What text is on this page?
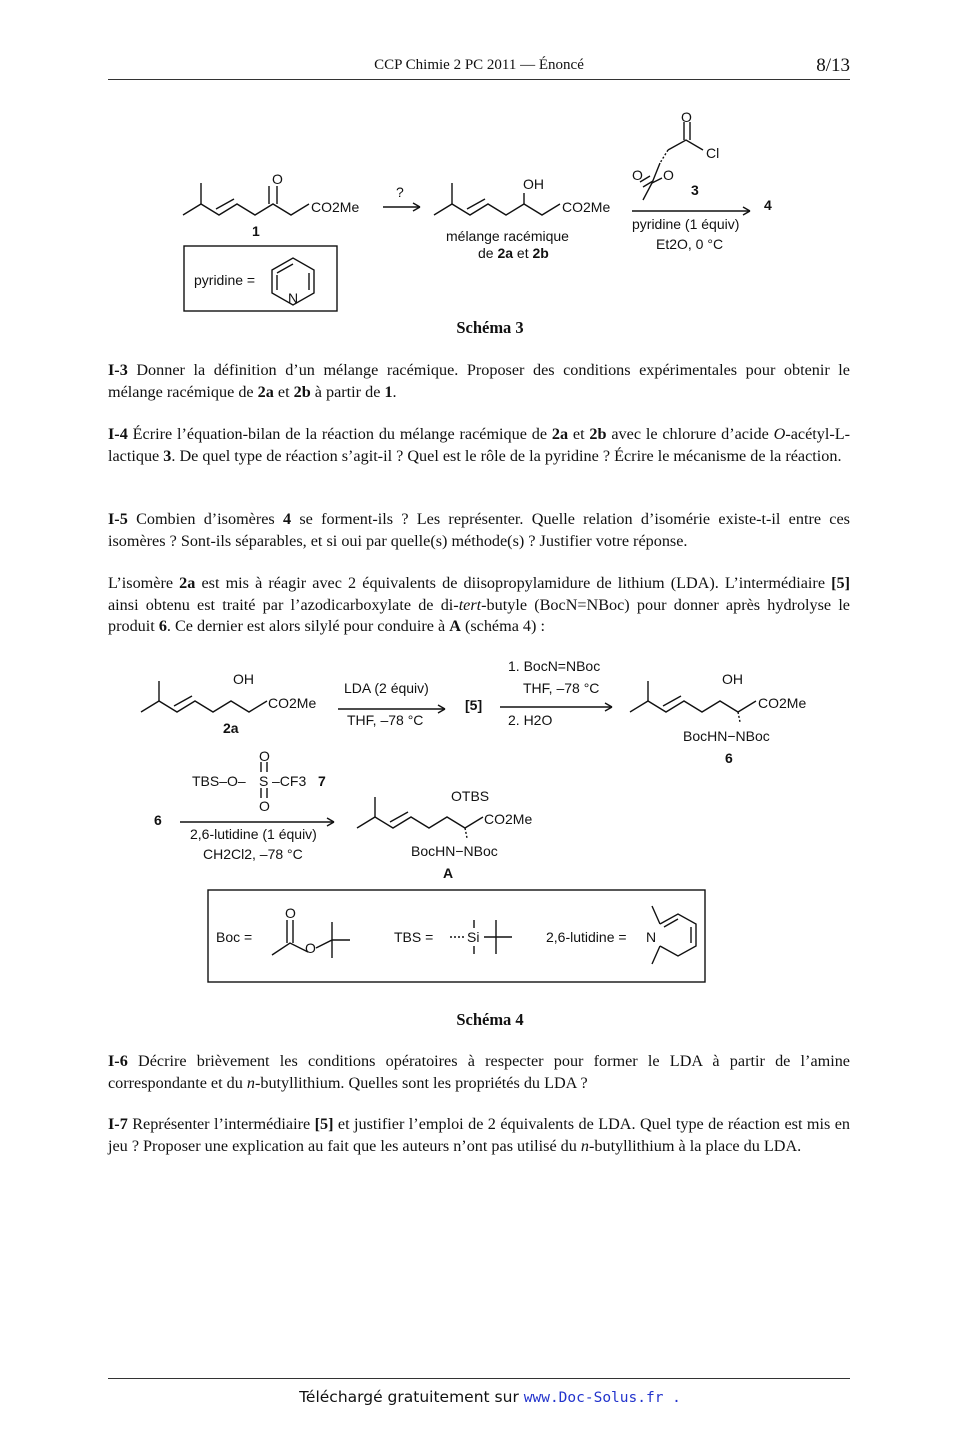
CCP Chimie 2 PC 2011 — Énoncé	8/13
O
CO2Me
1
?	OH
CO2Me
mélange racémique
de 2a et 2b
O
Cl
O O
3
pyridine (1 équiv)
Et2O, 0 °C
4
pyridine =
N
Schéma 3

I-3 Donner la définition d’un mélange racémique. Proposer des conditions expérimentales pour obtenir le mélange racémique de 2a et 2b à partir de 1.

I-4 Écrire l’équation-bilan de la réaction du mélange racémique de 2a et 2b avec le chlorure d’acide O-acétyl-L-lactique 3. De quel type de réaction s’agit-il ? Quel est le rôle de la pyridine ? Écrire le mécanisme de la réaction.

I-5 Combien d’isomères 4 se forment-ils ? Les représenter. Quelle relation d’isomérie existe-t-il entre ces isomères ? Sont-ils séparables, et si oui par quelle(s) méthode(s) ? Justifier votre réponse.

L’isomère 2a est mis à réagir avec 2 équivalents de diisopropylamidure de lithium (LDA). L’intermédiaire [5] ainsi obtenu est traité par l’azodicarboxylate de di-tert-butyle (BocN=NBoc) pour donner après hydrolyse le produit 6. Ce dernier est alors silylé pour conduire à A (schéma 4) :

OH
CO2Me
2a
LDA (2 équiv)
THF, –78 °C
[5]
1. BocN=NBoc
THF, –78 °C
2. H2O
OH
CO2Me
BocHN−NBoc
6
O
TBS–O– S –CF3 7
O
6
2,6-lutidine (1 équiv)
CH2Cl2, –78 °C
OTBS
CO2Me
BocHN−NBoc
A
Boc =
O
O
TBS = Si	2,6-lutidine = N
Schéma 4

I-6 Décrire brièvement les conditions opératoires à respecter pour former le LDA à partir de l’amine correspondante et du n-butyllithium. Quelles sont les propriétés du LDA ?

I-7 Représenter l’intermédiaire [5] et justifier l’emploi de 2 équivalents de LDA. Quel type de réaction est mis en jeu ? Proposer une explication au fait que les auteurs n’ont pas utilisé du n-butyllithium à la place du LDA.

Téléchargé gratuitement sur www.Doc-Solus.fr .
